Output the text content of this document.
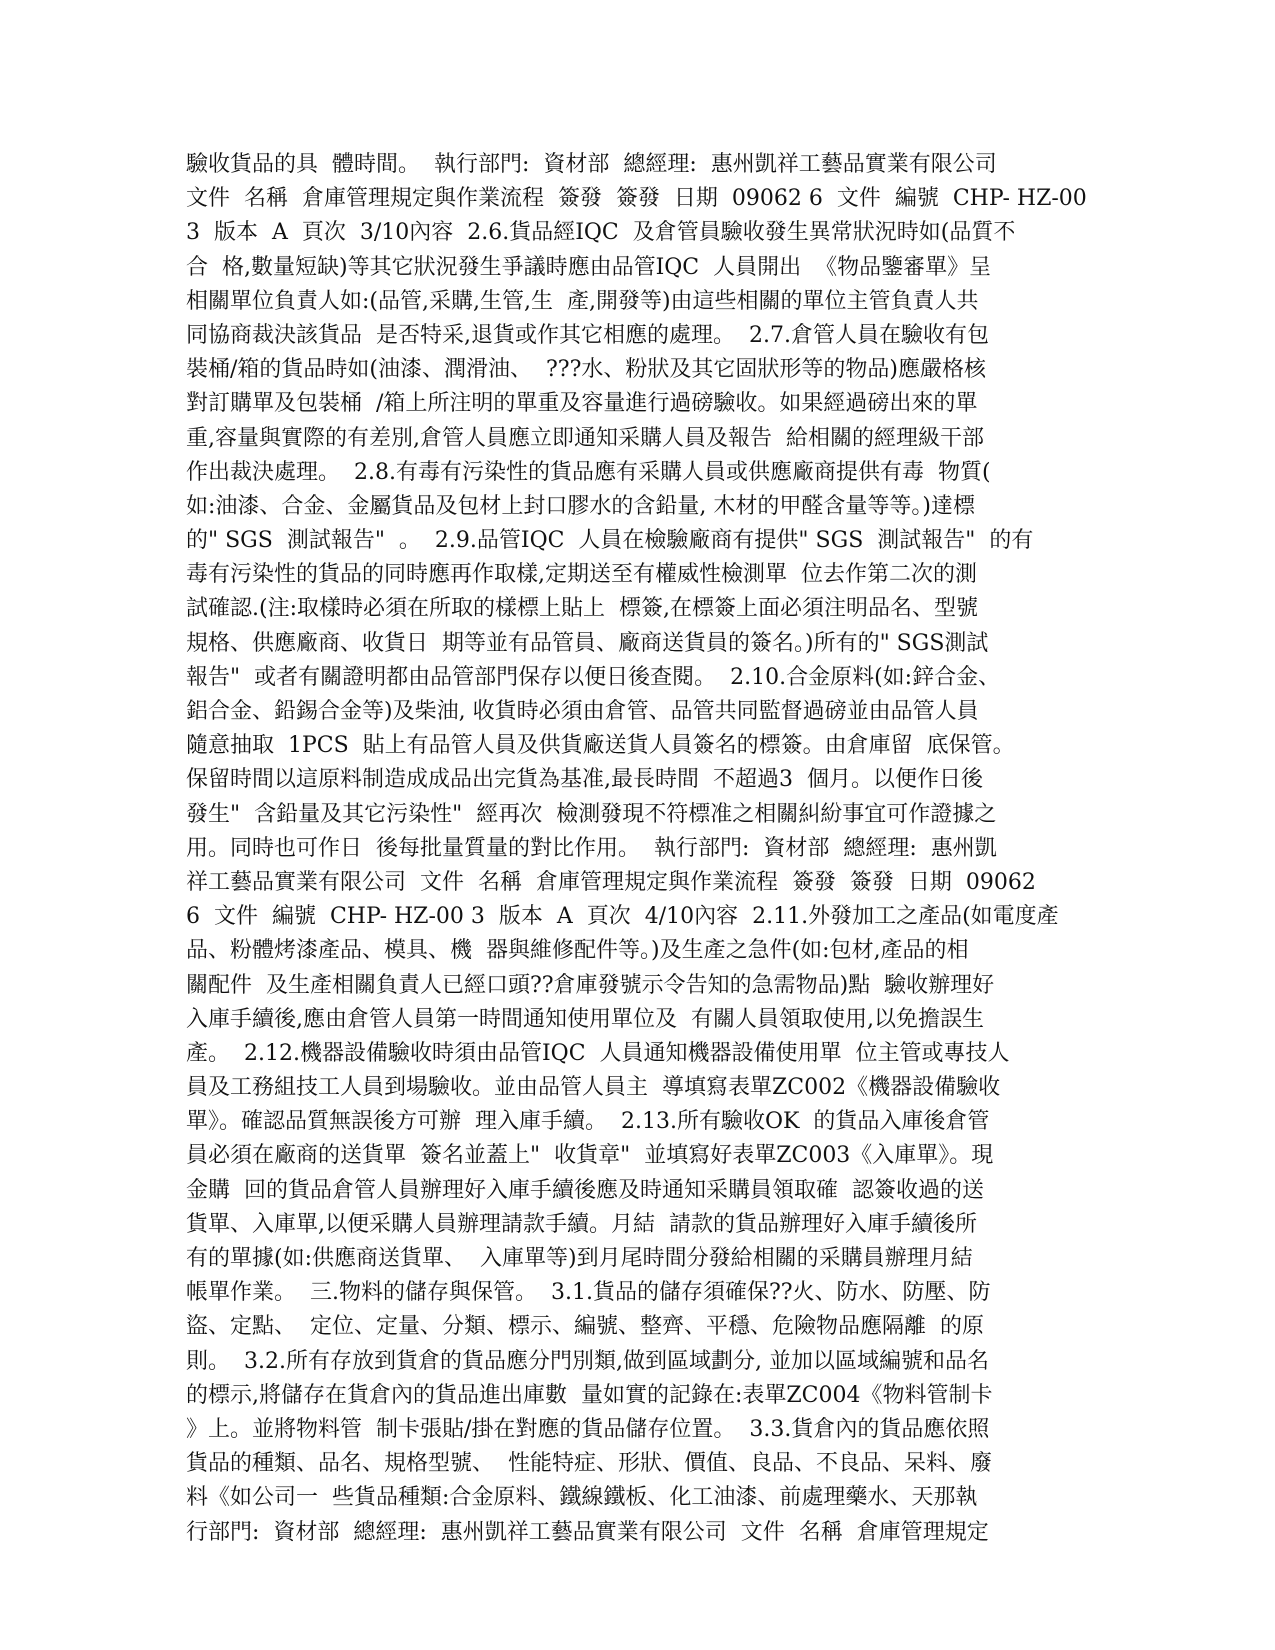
驗收貨品的具  體時間。  執行部門:  資材部  總經理:  惠州凱祥工藝品實業有限公司
文件  名稱  倉庫管理規定與作業流程  簽發  簽發  日期  09062 6  文件  編號  CHP- HZ-00
3  版本  A  頁次  3/10內容  2.6.貨品經IQC  及倉管員驗收發生異常狀況時如(品質不
合  格,數量短缺)等其它狀況發生爭議時應由品管IQC  人員開出  《物品鑒審單》呈
相關單位負責人如:(品管,采購,生管,生  產,開發等)由這些相關的單位主管負責人共
同協商裁決該貨品  是否特采,退貨或作其它相應的處理。  2.7.倉管人員在驗收有包
裝桶/箱的貨品時如(油漆、潤滑油、  ???水、粉狀及其它固狀形等的物品)應嚴格核
對訂購單及包裝桶  /箱上所注明的單重及容量進行過磅驗收。如果經過磅出來的單
重,容量與實際的有差別,倉管人員應立即通知采購人員及報告  給相關的經理級干部
作出裁決處理。  2.8.有毒有污染性的貨品應有采購人員或供應廠商提供有毒  物質(
如:油漆、合金、金屬貨品及包材上封口膠水的含鉛量, 木材的甲醛含量等等。)達標
的" SGS  測試報告"  。  2.9.品管IQC  人員在檢驗廠商有提供" SGS  測試報告"  的有
毒有污染性的貨品的同時應再作取樣,定期送至有權威性檢測單  位去作第二次的測
試確認.(注:取樣時必須在所取的樣標上貼上  標簽,在標簽上面必須注明品名、型號
規格、供應廠商、收貨日  期等並有品管員、廠商送貨員的簽名。)所有的" SGS測試
報告"  或者有關證明都由品管部門保存以便日後查閱。  2.10.合金原料(如:鋅合金、
鋁合金、鉛錫合金等)及柴油, 收貨時必須由倉管、品管共同監督過磅並由品管人員
隨意抽取  1PCS  貼上有品管人員及供貨廠送貨人員簽名的標簽。由倉庫留  底保管。
保留時間以這原料制造成成品出完貨為基准,最長時間  不超過3  個月。以便作日後
發生"  含鉛量及其它污染性"  經再次  檢測發現不符標准之相關糾紛事宜可作證據之
用。同時也可作日  後每批量質量的對比作用。  執行部門:  資材部  總經理:  惠州凱
祥工藝品實業有限公司  文件  名稱  倉庫管理規定與作業流程  簽發  簽發  日期  09062
6  文件  編號  CHP- HZ-00 3  版本  A  頁次  4/10內容  2.11.外發加工之產品(如電度產
品、粉體烤漆產品、模具、機  器與維修配件等。)及生產之急件(如:包材,產品的相
關配件  及生產相關負責人已經口頭??倉庫發號示令告知的急需物品)點  驗收辦理好
入庫手續後,應由倉管人員第一時間通知使用單位及  有關人員領取使用,以免擔誤生
產。  2.12.機器設備驗收時須由品管IQC  人員通知機器設備使用單  位主管或專技人
員及工務組技工人員到場驗收。並由品管人員主  導填寫表單ZC002《機器設備驗收
單》。確認品質無誤後方可辦  理入庫手續。  2.13.所有驗收OK  的貨品入庫後倉管
員必須在廠商的送貨單  簽名並蓋上"  收貨章"  並填寫好表單ZC003《入庫單》。現
金購  回的貨品倉管人員辦理好入庫手續後應及時通知采購員領取確  認簽收過的送
貨單、入庫單,以便采購人員辦理請款手續。月結  請款的貨品辦理好入庫手續後所
有的單據(如:供應商送貨單、  入庫單等)到月尾時間分發給相關的采購員辦理月結
帳單作業。  三.物料的儲存與保管。  3.1.貨品的儲存須確保??火、防水、防壓、防
盜、定點、  定位、定量、分類、標示、編號、整齊、平穩、危險物品應隔離  的原
則。  3.2.所有存放到貨倉的貨品應分門別類,做到區域劃分, 並加以區域編號和品名
的標示,將儲存在貨倉內的貨品進出庫數  量如實的記錄在:表單ZC004《物料管制卡
》上。並將物料管  制卡張貼/掛在對應的貨品儲存位置。  3.3.貨倉內的貨品應依照
貨品的種類、品名、規格型號、  性能特症、形狀、價值、良品、不良品、呆料、廢
料《如公司一  些貨品種類:合金原料、鐵線鐵板、化工油漆、前處理藥水、天那執
行部門:  資材部  總經理:  惠州凱祥工藝品實業有限公司  文件  名稱  倉庫管理規定
